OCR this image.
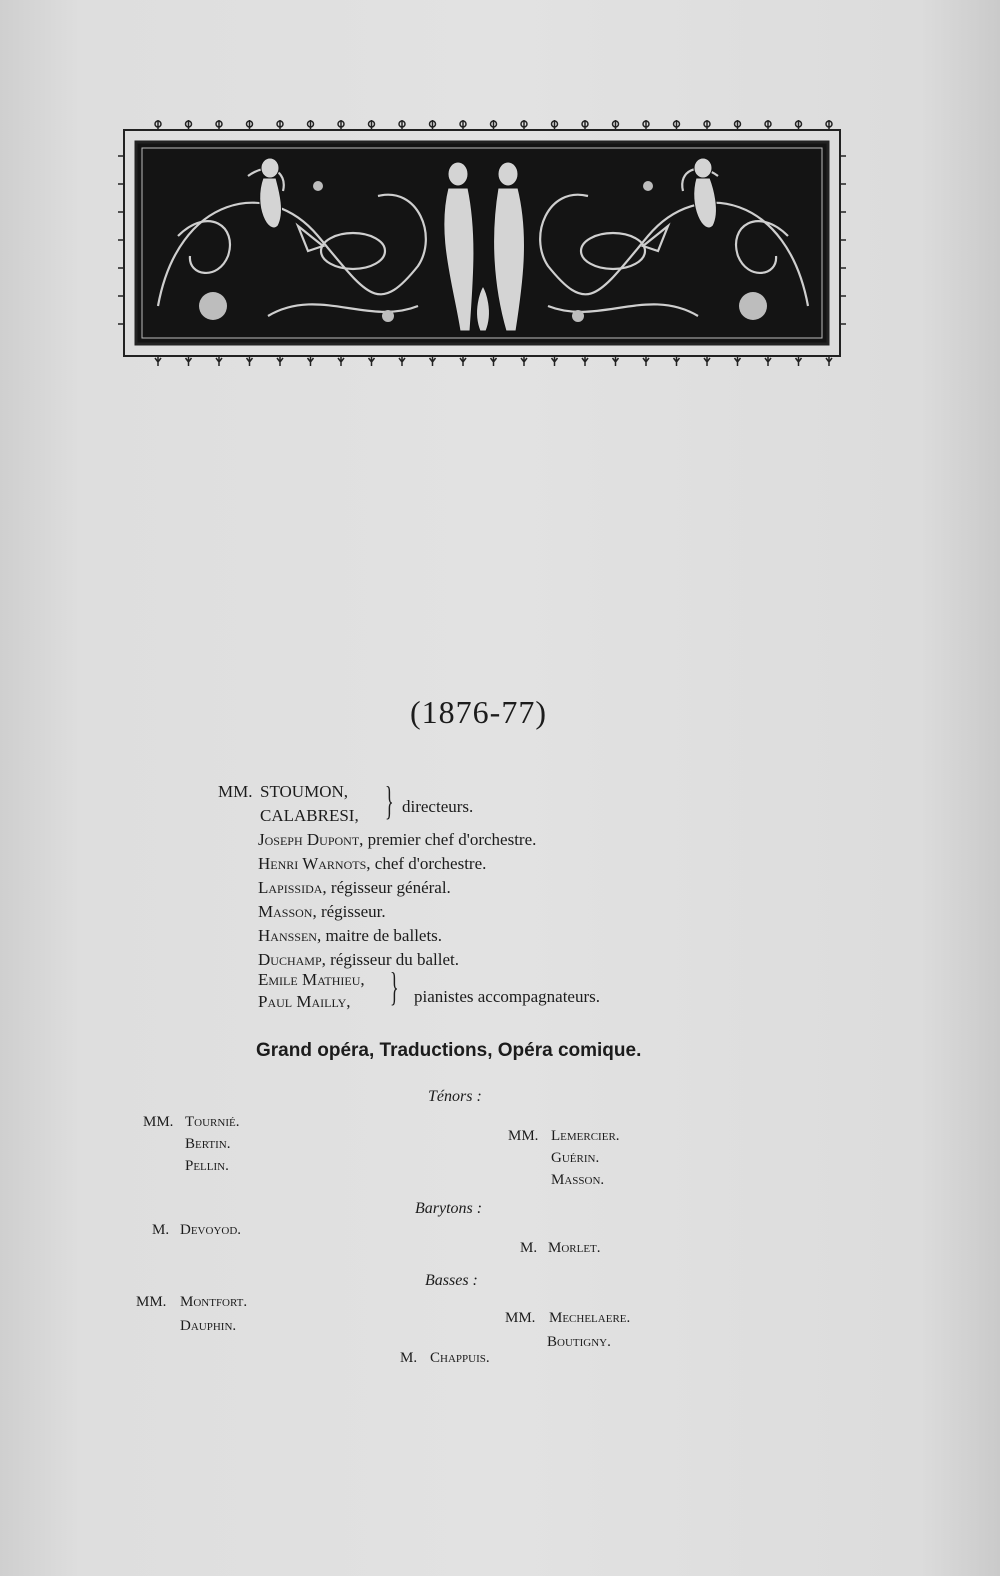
(1876-77)
MM. STOUMON,
CALABRESI, } directeurs.
Joseph Dupont, premier chef d'orchestre.
Henri Warnots, chef d'orchestre.
Lapissida, régisseur général.
Masson, régisseur.
Hanssen, maitre de ballets.
Duchamp, régisseur du ballet.
Emile Mathieu,
Paul Mailly, } pianistes accompagnateurs.
Grand opéra, Traductions, Opéra comique.
Ténors :
MM. Tournié.
Bertin.
Pellin.
MM. Lemercier.
Guérin.
Masson.
Barytons :
M. Devoyod.
M. Morlet.
Basses :
MM. Montfort.
Dauphin.	MM. Mechelaere.
Boutigny.
M. Chappuis.
